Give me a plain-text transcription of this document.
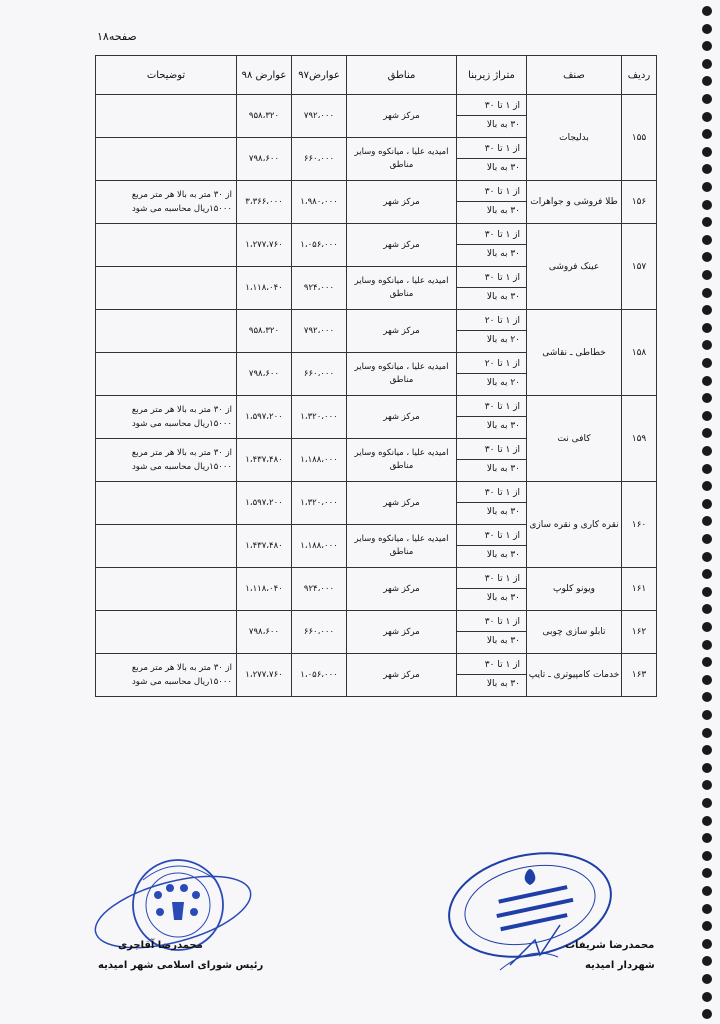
صفحه۱۸
ردیف	صنف	متراژ زیربنا	مناطق	عوارض۹۷	عوارض ۹۸	توضیحات
۱۵۵	بدلیجات	از ۱ تا ۳۰
۳۰ به بالا	مرکز شهر	۷۹۲،۰۰۰	۹۵۸،۳۲۰	

		از ۱ تا ۳۰
۳۰ به بالا	امیدیه علیا ، میانکوه وسایر مناطق	۶۶۰،۰۰۰	۷۹۸،۶۰۰	
۱۵۶	طلا فروشی و جواهرات	از ۱ تا ۳۰
۳۰ به بالا	مرکز شهر	۱،۹۸۰،۰۰۰	۳،۳۶۶،۰۰۰	از ۳۰ متر به بالا هر متر مربع ۱۵۰۰۰ریال محاسبه می شود
۱۵۷	عینک فروشی	از ۱ تا ۳۰
۳۰ به بالا	مرکز شهر	۱،۰۵۶،۰۰۰	۱،۲۷۷،۷۶۰	

		از ۱ تا ۳۰
۳۰ به بالا	امیدیه علیا ، میانکوه وسایر مناطق	۹۲۴،۰۰۰	۱،۱۱۸،۰۴۰	
۱۵۸	خطاطی ـ نقاشی	از ۱ تا ۲۰
۲۰ به بالا	مرکز شهر	۷۹۲،۰۰۰	۹۵۸،۳۲۰	

		از ۱ تا ۲۰
۲۰ به بالا	امیدیه علیا ، میانکوه وسایر مناطق	۶۶۰،۰۰۰	۷۹۸،۶۰۰	
۱۵۹	کافی نت	از ۱ تا ۳۰
۳۰ به بالا	مرکز شهر	۱،۳۲۰،۰۰۰	۱،۵۹۷،۲۰۰	از ۳۰ متر به بالا هر متر مربع ۱۵۰۰۰ریال محاسبه می شود

		از ۱ تا ۳۰
۳۰ به بالا	امیدیه علیا ، میانکوه وسایر مناطق	۱،۱۸۸،۰۰۰	۱،۴۳۷،۴۸۰	از ۳۰ متر به بالا هر متر مربع ۱۵۰۰۰ریال محاسبه می شود
۱۶۰	نقره کاری و نقره سازی	از ۱ تا ۳۰
۳۰ به بالا	مرکز شهر	۱،۳۲۰،۰۰۰	۱،۵۹۷،۲۰۰	

		از ۱ تا ۳۰
۳۰ به بالا	امیدیه علیا ، میانکوه وسایر مناطق	۱،۱۸۸،۰۰۰	۱،۴۳۷،۴۸۰	
۱۶۱	ویونو کلوپ	از ۱ تا ۳۰
۳۰ به بالا	مرکز شهر	۹۲۴،۰۰۰	۱،۱۱۸،۰۴۰	
۱۶۲	تابلو سازی چوبی	از ۱ تا ۳۰
۳۰ به بالا	مرکز شهر	۶۶۰،۰۰۰	۷۹۸،۶۰۰	
۱۶۳	خدمات کامپیوتری ـ تایپ	از ۱ تا ۳۰
۳۰ به بالا	مرکز شهر	۱،۰۵۶،۰۰۰	۱،۲۷۷،۷۶۰	از ۳۰ متر به بالا هر متر مربع ۱۵۰۰۰ریال محاسبه می شود
محمدرضا آقاجری
رئیس شورای اسلامی شهر امیدیه
محمدرضا شریفات
شهردار امیدیه
